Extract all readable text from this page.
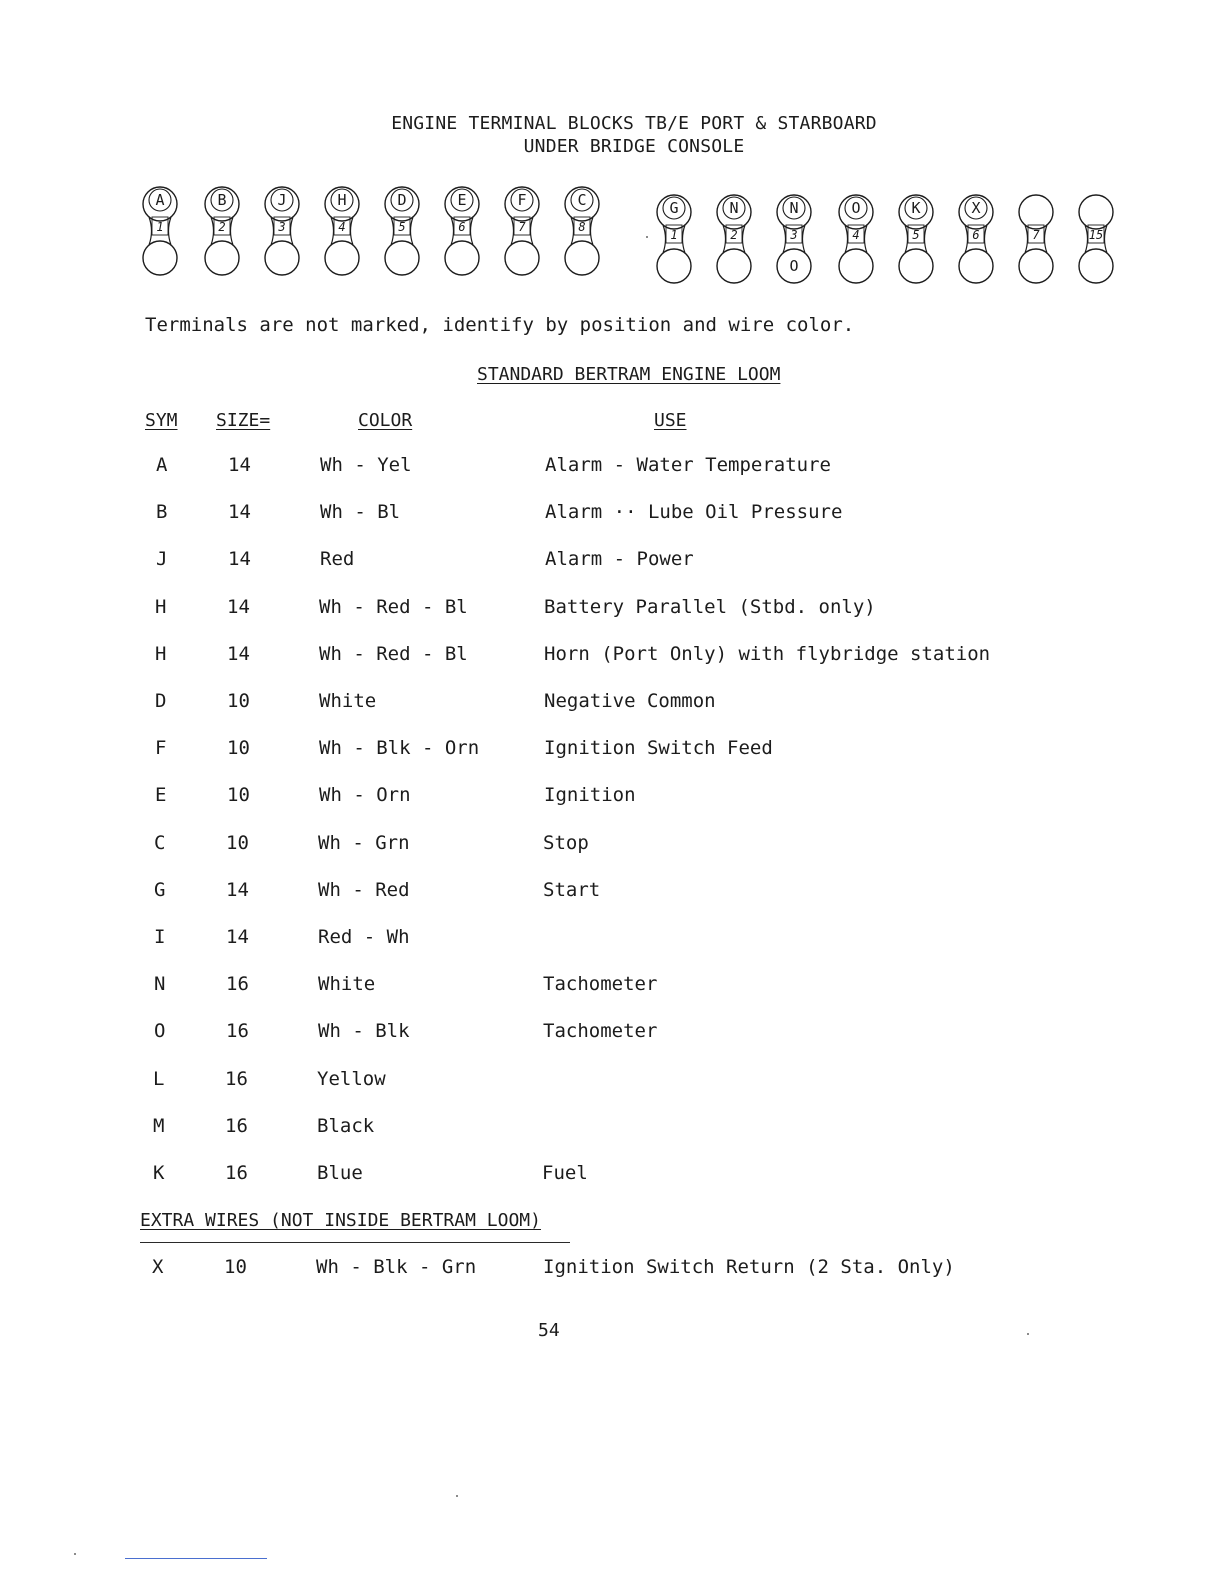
ENGINE TERMINAL BLOCKS TB/E PORT & STARBOARD
UNDER BRIDGE CONSOLE
A
1
B
2
J
3
H
4
D
5
E
6
F
7
C
8
G
1
N
2
N
3
O
O
4
K
5
X
6	7	15
Terminals are not marked, identify by position and wire color.
STANDARD BERTRAM ENGINE LOOM
SYM SIZE=	COLOR	USE
A	14	Wh - Yel	Alarm - Water Temperature
B	14	Wh - Bl	Alarm ·· Lube Oil Pressure
J	14	Red	Alarm - Power
H	14	Wh - Red - Bl	Battery Parallel (Stbd. only)
H	14	Wh - Red - Bl	Horn (Port Only) with flybridge station
D	10	White	Negative Common
F	10	Wh - Blk - Orn	Ignition Switch Feed
E	10	Wh - Orn	Ignition
C	10	Wh - Grn	Stop
G	14	Wh - Red	Start
I	14	Red - Wh
N	16	White	Tachometer
O	16	Wh - Blk	Tachometer
L	16	Yellow
M	16	Black
K	16	Blue	Fuel
EXTRA WIRES (NOT INSIDE BERTRAM LOOM)
X	10	Wh - Blk - Grn	Ignition Switch Return (2 Sta. Only)
54
